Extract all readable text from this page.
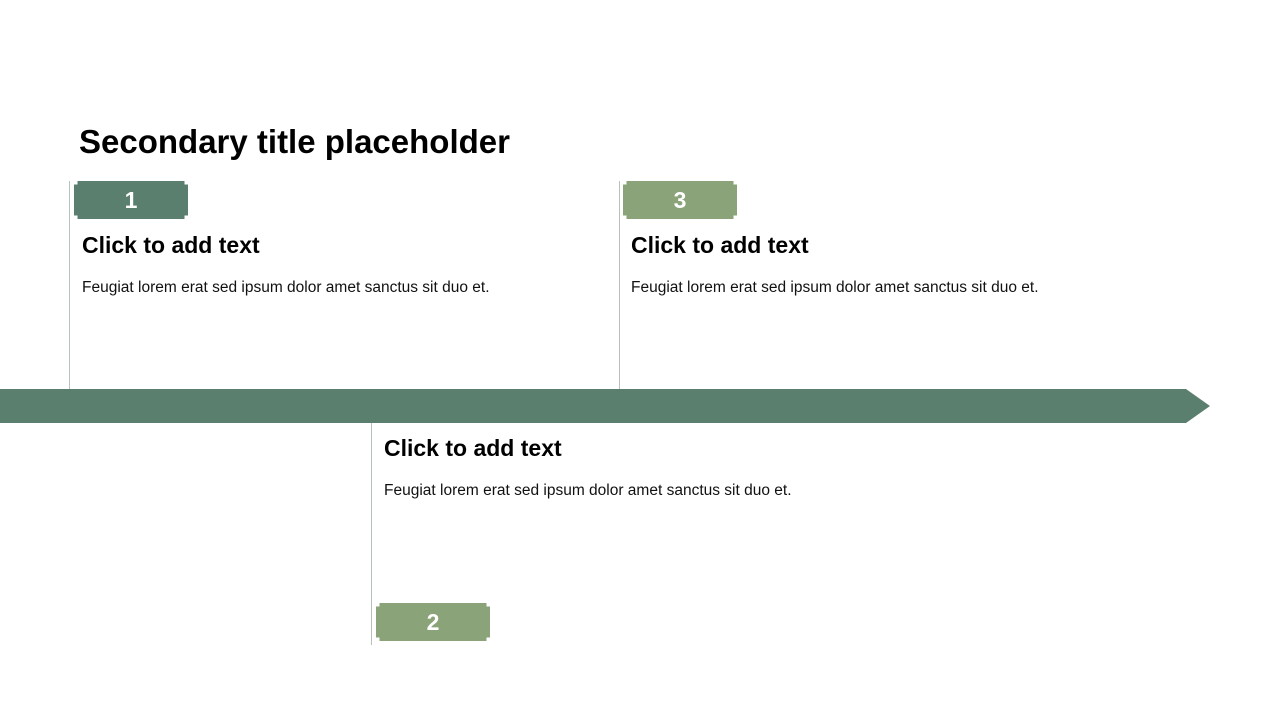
Secondary title placeholder
1
Click to add text
Feugiat lorem erat sed ipsum dolor amet sanctus sit duo et.
3
Click to add text
Feugiat lorem erat sed ipsum dolor amet sanctus sit duo et.
Click to add text
Feugiat lorem erat sed ipsum dolor amet sanctus sit duo et.
2
